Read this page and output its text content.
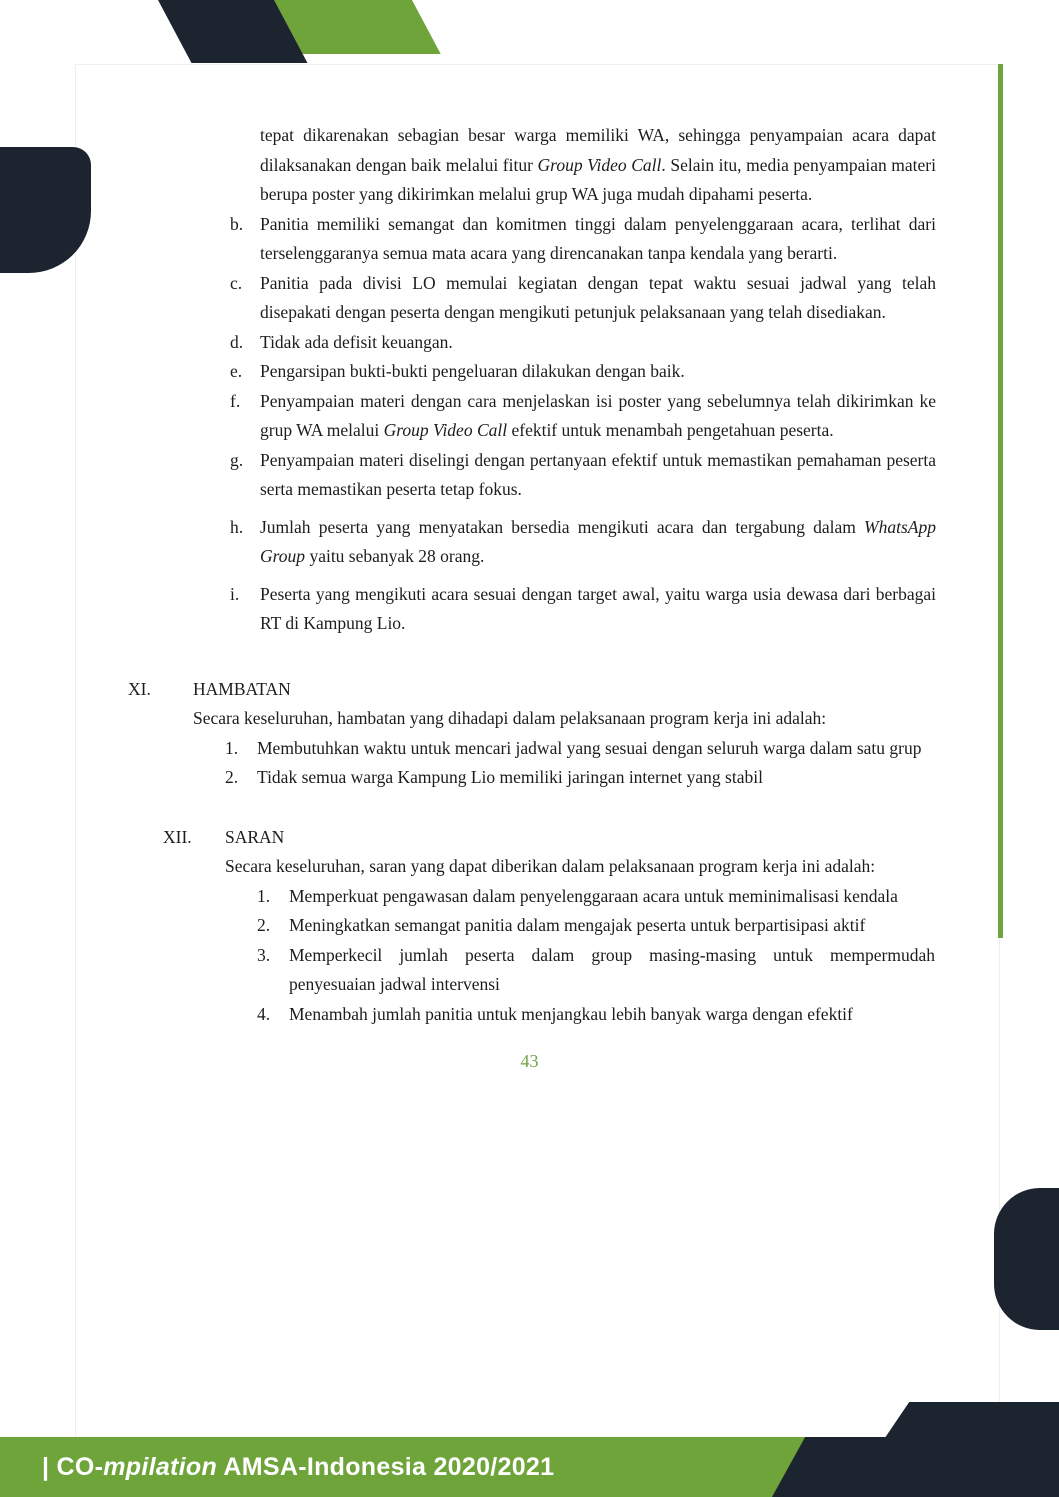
tepat dikarenakan sebagian besar warga memiliki WA, sehingga penyampaian acara dapat dilaksanakan dengan baik melalui fitur Group Video Call. Selain itu, media penyampaian materi berupa poster yang dikirimkan melalui grup WA juga mudah dipahami peserta.

b. Panitia memiliki semangat dan komitmen tinggi dalam penyelenggaraan acara, terlihat dari terselenggaranya semua mata acara yang direncanakan tanpa kendala yang berarti.
c.	Panitia pada divisi LO memulai kegiatan dengan tepat waktu sesuai jadwal yang telah disepakati dengan peserta dengan mengikuti petunjuk pelaksanaan yang telah disediakan.
d. Tidak ada defisit keuangan.
e.	Pengarsipan bukti-bukti pengeluaran dilakukan dengan baik.
f.	Penyampaian materi dengan cara menjelaskan isi poster yang sebelumnya telah dikirimkan ke grup WA melalui Group Video Call efektif untuk menambah pengetahuan peserta.
g. Penyampaian materi diselingi dengan pertanyaan efektif untuk memastikan pemahaman peserta serta memastikan peserta tetap fokus.
h. Jumlah peserta yang menyatakan bersedia mengikuti acara dan tergabung dalam WhatsApp Group yaitu sebanyak 28 orang.
i.	Peserta yang mengikuti acara sesuai dengan target awal, yaitu warga usia dewasa dari berbagai RT di Kampung Lio.
XI.	HAMBATAN
Secara keseluruhan, hambatan yang dihadapi dalam pelaksanaan program kerja ini adalah:
1.	Membutuhkan waktu untuk mencari jadwal yang sesuai dengan seluruh warga dalam satu grup
2.	Tidak semua warga Kampung Lio memiliki jaringan internet yang stabil
XII.	SARAN
Secara keseluruhan, saran yang dapat diberikan dalam pelaksanaan program kerja ini adalah:
1.	Memperkuat pengawasan dalam penyelenggaraan acara untuk meminimalisasi kendala
2.	Meningkatkan semangat panitia dalam mengajak peserta untuk berpartisipasi aktif
3.	Memperkecil jumlah peserta dalam group masing-masing untuk mempermudah penyesuaian jadwal intervensi
4.	Menambah jumlah panitia untuk menjangkau lebih banyak warga dengan efektif
43
| CO-mpilation AMSA-Indonesia 2020/2021
